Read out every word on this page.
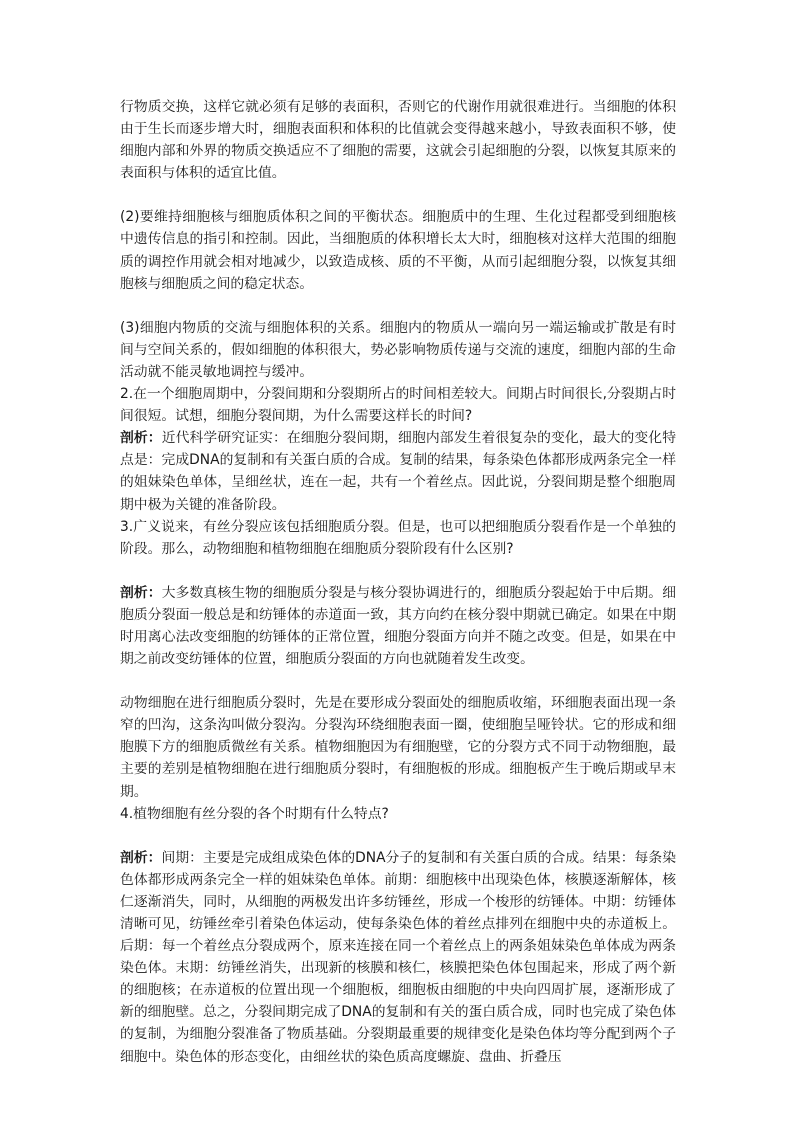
行物质交换，这样它就必须有足够的表面积，否则它的代谢作用就很难进行。当细胞的体积由于生长而逐步增大时，细胞表面积和体积的比值就会变得越来越小，导致表面积不够，使细胞内部和外界的物质交换适应不了细胞的需要，这就会引起细胞的分裂，以恢复其原来的表面积与体积的适宜比值。

(2)要维持细胞核与细胞质体积之间的平衡状态。细胞质中的生理、生化过程都受到细胞核中遗传信息的指引和控制。因此，当细胞质的体积增长太大时，细胞核对这样大范围的细胞质的调控作用就会相对地减少，以致造成核、质的不平衡，从而引起细胞分裂，以恢复其细胞核与细胞质之间的稳定状态。

(3)细胞内物质的交流与细胞体积的关系。细胞内的物质从一端向另一端运输或扩散是有时间与空间关系的，假如细胞的体积很大，势必影响物质传递与交流的速度，细胞内部的生命活动就不能灵敏地调控与缓冲。

2.在一个细胞周期中，分裂间期和分裂期所占的时间相差较大。间期占时间很长,分裂期占时间很短。试想，细胞分裂间期，为什么需要这样长的时间?

剖析：近代科学研究证实：在细胞分裂间期，细胞内部发生着很复杂的变化，最大的变化特点是：完成DNA的复制和有关蛋白质的合成。复制的结果，每条染色体都形成两条完全一样的姐妹染色单体，呈细丝状，连在一起，共有一个着丝点。因此说，分裂间期是整个细胞周期中极为关键的准备阶段。

3.广义说来，有丝分裂应该包括细胞质分裂。但是，也可以把细胞质分裂看作是一个单独的阶段。那么，动物细胞和植物细胞在细胞质分裂阶段有什么区别?

剖析：大多数真核生物的细胞质分裂是与核分裂协调进行的，细胞质分裂起始于中后期。细胞质分裂面一般总是和纺锤体的赤道面一致，其方向约在核分裂中期就已确定。如果在中期时用离心法改变细胞的纺锤体的正常位置，细胞分裂面方向并不随之改变。但是，如果在中期之前改变纺锤体的位置，细胞质分裂面的方向也就随着发生改变。

动物细胞在进行细胞质分裂时，先是在要形成分裂面处的细胞质收缩，环细胞表面出现一条窄的凹沟，这条沟叫做分裂沟。分裂沟环绕细胞表面一圈，使细胞呈哑铃状。它的形成和细胞膜下方的细胞质微丝有关系。植物细胞因为有细胞壁，它的分裂方式不同于动物细胞，最主要的差别是植物细胞在进行细胞质分裂时，有细胞板的形成。细胞板产生于晚后期或早末期。

4.植物细胞有丝分裂的各个时期有什么特点?

剖析：间期：主要是完成组成染色体的DNA分子的复制和有关蛋白质的合成。结果：每条染色体都形成两条完全一样的姐妹染色单体。前期：细胞核中出现染色体，核膜逐渐解体，核仁逐渐消失，同时，从细胞的两极发出许多纺锤丝，形成一个梭形的纺锤体。中期：纺锤体清晰可见，纺锤丝牵引着染色体运动，使每条染色体的着丝点排列在细胞中央的赤道板上。后期：每一个着丝点分裂成两个，原来连接在同一个着丝点上的两条姐妹染色单体成为两条染色体。末期：纺锤丝消失，出现新的核膜和核仁，核膜把染色体包围起来，形成了两个新的细胞核；在赤道板的位置出现一个细胞板，细胞板由细胞的中央向四周扩展，逐渐形成了新的细胞壁。总之，分裂间期完成了DNA的复制和有关的蛋白质合成，同时也完成了染色体的复制，为细胞分裂准备了物质基础。分裂期最重要的规律变化是染色体均等分配到两个子细胞中。染色体的形态变化，由细丝状的染色质高度螺旋、盘曲、折叠压
